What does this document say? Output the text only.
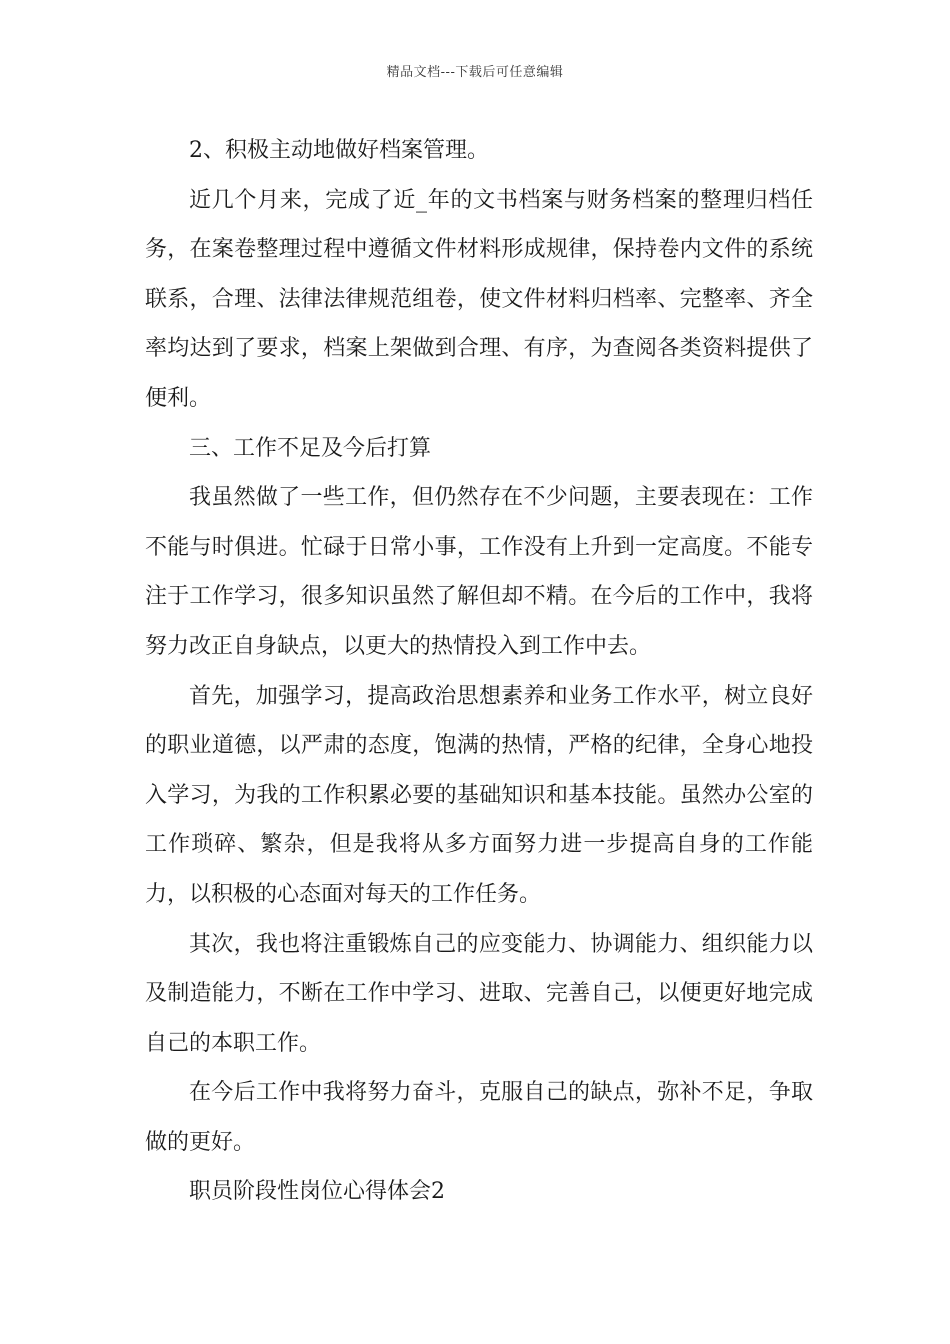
精品文档---下载后可任意编辑

2、积极主动地做好档案管理。

近几个月来，完成了近_年的文书档案与财务档案的整理归档任务，在案卷整理过程中遵循文件材料形成规律，保持卷内文件的系统联系，合理、法律法律规范组卷，使文件材料归档率、完整率、齐全率均达到了要求，档案上架做到合理、有序，为查阅各类资料提供了便利。

三、工作不足及今后打算

我虽然做了一些工作，但仍然存在不少问题，主要表现在：工作不能与时俱进。忙碌于日常小事，工作没有上升到一定高度。不能专注于工作学习，很多知识虽然了解但却不精。在今后的工作中，我将努力改正自身缺点，以更大的热情投入到工作中去。

首先，加强学习，提高政治思想素养和业务工作水平，树立良好的职业道德，以严肃的态度，饱满的热情，严格的纪律，全身心地投入学习，为我的工作积累必要的基础知识和基本技能。虽然办公室的工作琐碎、繁杂，但是我将从多方面努力进一步提高自身的工作能力，以积极的心态面对每天的工作任务。

其次，我也将注重锻炼自己的应变能力、协调能力、组织能力以及制造能力，不断在工作中学习、进取、完善自己，以便更好地完成自己的本职工作。

在今后工作中我将努力奋斗，克服自己的缺点，弥补不足，争取做的更好。

职员阶段性岗位心得体会2
